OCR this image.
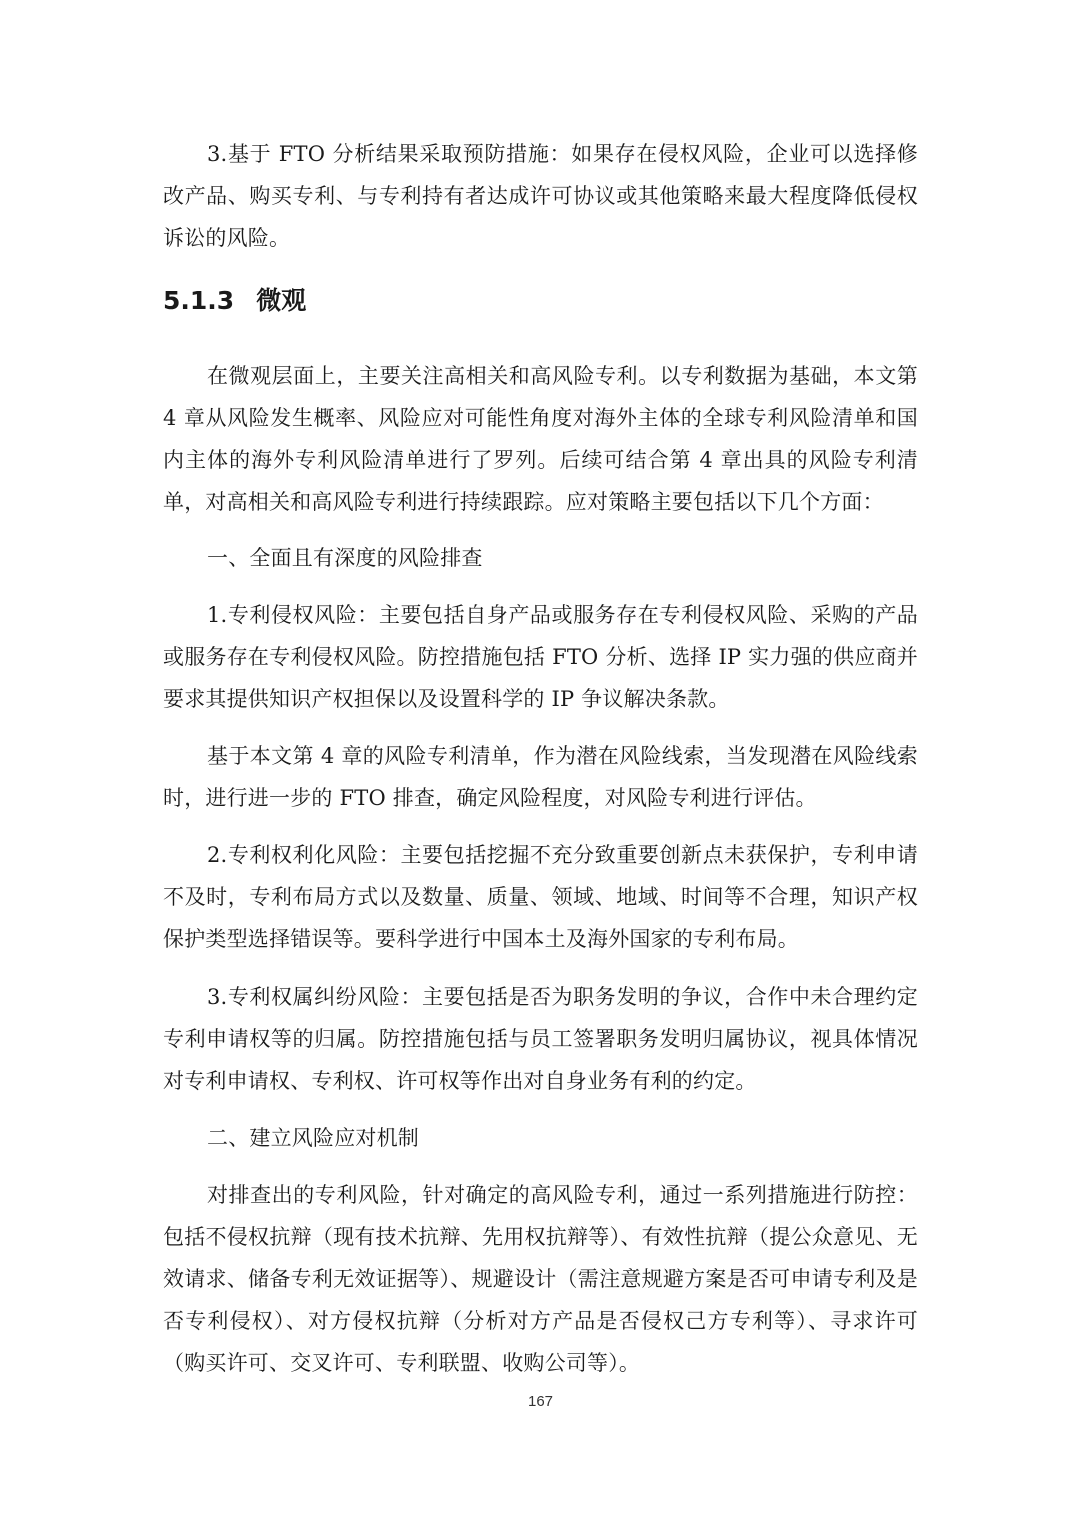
3.基于 FTO 分析结果采取预防措施：如果存在侵权风险，企业可以选择修改产品、购买专利、与专利持有者达成许可协议或其他策略来最大程度降低侵权诉讼的风险。

5.1.3 微观

在微观层面上，主要关注高相关和高风险专利。以专利数据为基础，本文第 4 章从风险发生概率、风险应对可能性角度对海外主体的全球专利风险清单和国内主体的海外专利风险清单进行了罗列。后续可结合第 4 章出具的风险专利清单，对高相关和高风险专利进行持续跟踪。应对策略主要包括以下几个方面：

一、全面且有深度的风险排查

1.专利侵权风险：主要包括自身产品或服务存在专利侵权风险、采购的产品或服务存在专利侵权风险。防控措施包括 FTO 分析、选择 IP 实力强的供应商并要求其提供知识产权担保以及设置科学的 IP 争议解决条款。

基于本文第 4 章的风险专利清单，作为潜在风险线索，当发现潜在风险线索时，进行进一步的 FTO 排查，确定风险程度，对风险专利进行评估。

2.专利权利化风险：主要包括挖掘不充分致重要创新点未获保护，专利申请不及时，专利布局方式以及数量、质量、领域、地域、时间等不合理，知识产权保护类型选择错误等。要科学进行中国本土及海外国家的专利布局。

3.专利权属纠纷风险：主要包括是否为职务发明的争议，合作中未合理约定专利申请权等的归属。防控措施包括与员工签署职务发明归属协议，视具体情况对专利申请权、专利权、许可权等作出对自身业务有利的约定。

二、建立风险应对机制

对排查出的专利风险，针对确定的高风险专利，通过一系列措施进行防控：包括不侵权抗辩（现有技术抗辩、先用权抗辩等）、有效性抗辩（提公众意见、无效请求、储备专利无效证据等）、规避设计（需注意规避方案是否可申请专利及是否专利侵权）、对方侵权抗辩（分析对方产品是否侵权己方专利等）、寻求许可（购买许可、交叉许可、专利联盟、收购公司等）。

167
